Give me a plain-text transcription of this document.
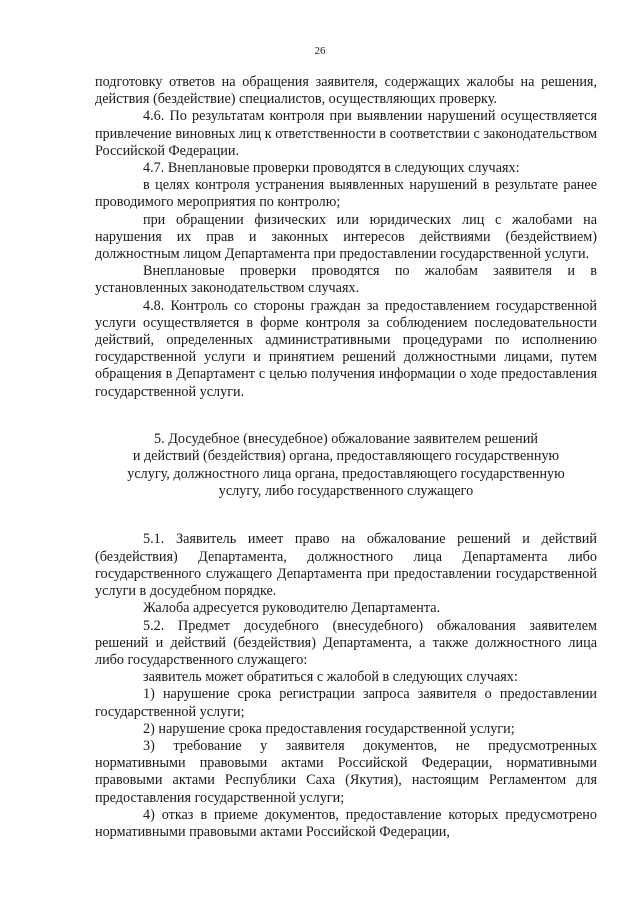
26

подготовку ответов на обращения заявителя, содержащих жалобы на решения, действия (бездействие) специалистов, осуществляющих проверку.

4.6. По результатам контроля при выявлении нарушений осуществляется привлечение виновных лиц к ответственности в соответствии с законодательством Российской Федерации.

4.7. Внеплановые проверки проводятся в следующих случаях:

в целях контроля устранения выявленных нарушений в результате ранее проводимого мероприятия по контролю;

при обращении физических или юридических лиц с жалобами на нарушения их прав и законных интересов действиями (бездействием) должностным лицом Департамента при предоставлении государственной услуги.

Внеплановые проверки проводятся по жалобам заявителя и в установленных законодательством случаях.

4.8. Контроль со стороны граждан за предоставлением государственной услуги осуществляется в форме контроля за соблюдением последовательности действий, определенных административными процедурами по исполнению государственной услуги и принятием решений должностными лицами, путем обращения в Департамент с целью получения информации о ходе предоставления государственной услуги.

5. Досудебное (внесудебное) обжалование заявителем решений
и действий (бездействия) органа, предоставляющего государственную
услугу, должностного лица органа, предоставляющего государственную
услугу, либо государственного служащего

5.1. Заявитель имеет право на обжалование решений и действий (бездействия) Департамента, должностного лица Департамента либо государственного служащего Департамента при предоставлении государственной услуги в досудебном порядке.

Жалоба адресуется руководителю Департамента.

5.2. Предмет досудебного (внесудебного) обжалования заявителем решений и действий (бездействия) Департамента, а также должностного лица либо государственного служащего:

заявитель может обратиться с жалобой в следующих случаях:

1) нарушение срока регистрации запроса заявителя о предоставлении государственной услуги;

2) нарушение срока предоставления государственной услуги;

3) требование у заявителя документов, не предусмотренных нормативными правовыми актами Российской Федерации, нормативными правовыми актами Республики Саха (Якутия), настоящим Регламентом для предоставления государственной услуги;

4) отказ в приеме документов, предоставление которых предусмотрено нормативными правовыми актами Российской Федерации,
